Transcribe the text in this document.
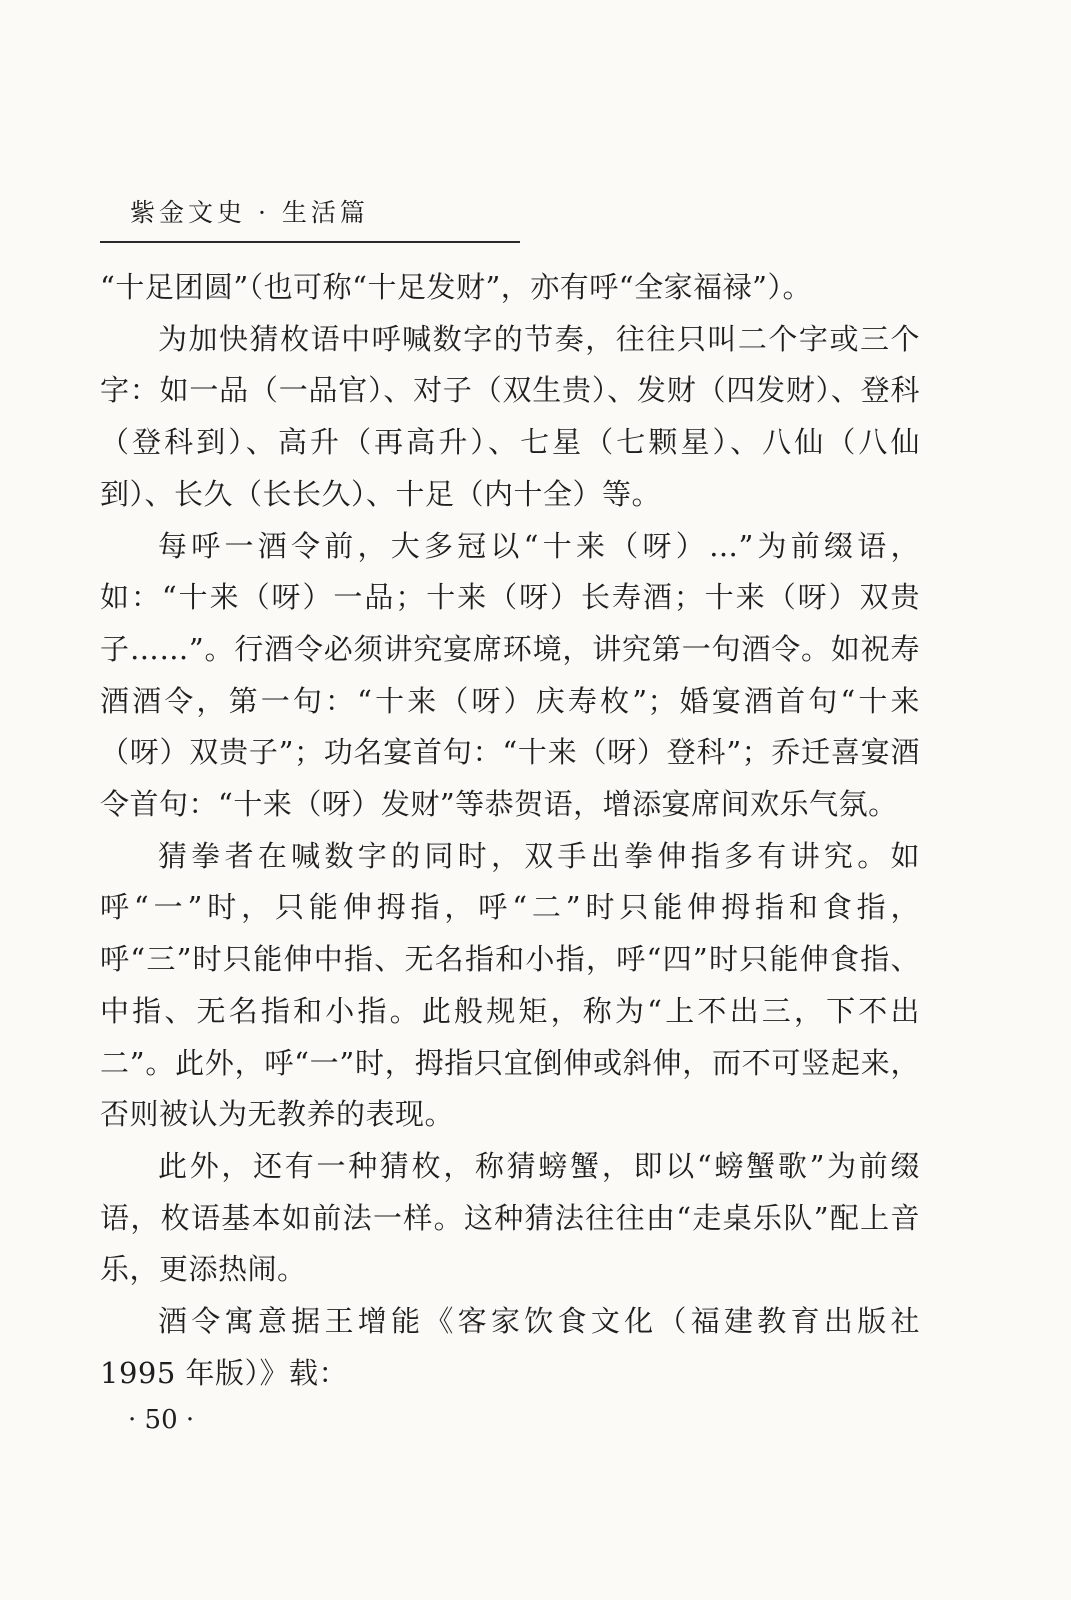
紫金文史 · 生活篇

“十足团圆”（也可称“十足发财”，亦有呼“全家福禄”）。

为加快猜枚语中呼喊数字的节奏，往往只叫二个字或三个字：如一品（一品官）、对子（双生贵）、发财（四发财）、登科（登科到）、高升（再高升）、七星（七颗星）、八仙（八仙到）、长久（长长久）、十足（内十全）等。

每呼一酒令前，大多冠以“十来（呀）…”为前缀语，如：“十来（呀）一品；十来（呀）长寿酒；十来（呀）双贵子……”。行酒令必须讲究宴席环境，讲究第一句酒令。如祝寿酒酒令，第一句：“十来（呀）庆寿枚”；婚宴酒首句“十来（呀）双贵子”；功名宴首句：“十来（呀）登科”；乔迁喜宴酒令首句：“十来（呀）发财”等恭贺语，增添宴席间欢乐气氛。

猜拳者在喊数字的同时，双手出拳伸指多有讲究。如呼“一”时，只能伸拇指，呼“二”时只能伸拇指和食指，呼“三”时只能伸中指、无名指和小指，呼“四”时只能伸食指、中指、无名指和小指。此般规矩，称为“上不出三，下不出二”。此外，呼“一”时，拇指只宜倒伸或斜伸，而不可竖起来，否则被认为无教养的表现。

此外，还有一种猜枚，称猜螃蟹，即以“螃蟹歌”为前缀语，枚语基本如前法一样。这种猜法往往由“走桌乐队”配上音乐，更添热闹。

酒令寓意据王增能《客家饮食文化（福建教育出版社 1995 年版）》载：

· 50 ·
